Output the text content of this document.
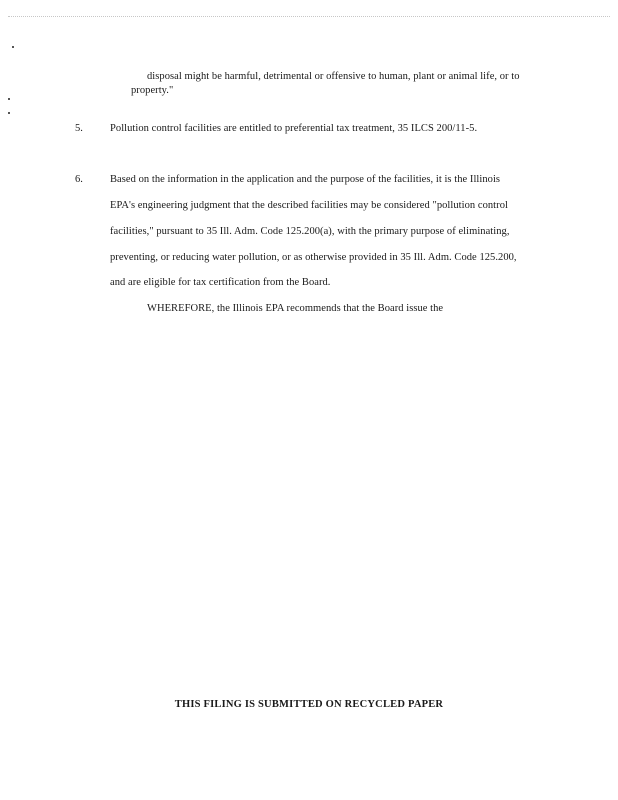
disposal might be harmful, detrimental or offensive to human, plant or animal life, or to
property."
5.	Pollution control facilities are entitled to preferential tax treatment, 35 ILCS 200/11-5.
6.	Based on the information in the application and the purpose of the facilities, it is the Illinois
EPA's engineering judgment that the described facilities may be considered "pollution control
facilities," pursuant to 35 Ill. Adm. Code 125.200(a), with the primary purpose of eliminating,
preventing, or reducing water pollution, or as otherwise provided in 35 Ill. Adm. Code 125.200,
and are eligible for tax certification from the Board.
WHEREFORE, the Illinois EPA recommends that the Board issue the
THIS FILING IS SUBMITTED ON RECYCLED PAPER
